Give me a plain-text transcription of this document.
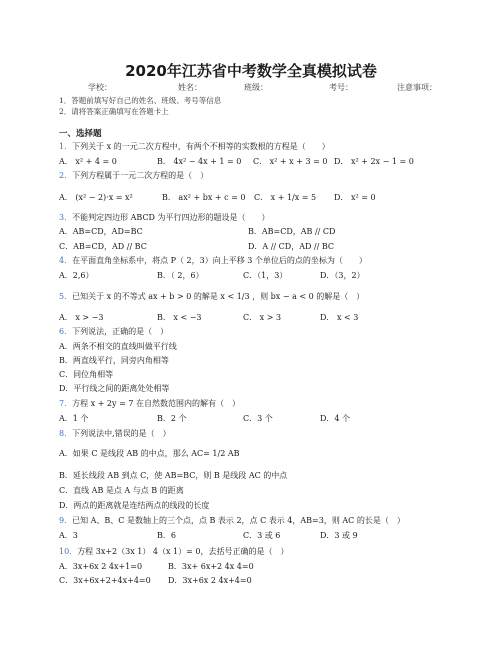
2020年江苏省中考数学全真模拟试卷
学校：	姓名：	班级：	考号：	注意事项：
1．答题前填写好自己的姓名、班级、考号等信息
2．请将答案正确填写在答题卡上
一、选择题
1．下列关于 x 的一元二次方程中，有两个不相等的实数根的方程是（　　）
A． x² + 4 = 0	B． 4x² − 4x + 1 = 0 C． x² + x + 3 = 0 D． x² + 2x − 1 = 0
2．下列方程属于一元二次方程的是（　）
A． (x² − 2)·x = x²	B． ax² + bx + c = 0 C． x + 1/x = 5 D． x² = 0
3．不能判定四边形 ABCD 为平行四边形的题设是（　　）
A．AB=CD，AD=BC	B．AB=CD，AB // CD
C．AB=CD，AD // BC	D．A // CD，AD // BC
4．在平面直角坐标系中，将点 P（ 2，3）向上平移 3 个单位后的点的坐标为（　　）
A．2,6）	B．（ 2，6）	C．（1，3）	D．（3，2）
5．已知关于 x 的不等式 ax + b > 0 的解是 x < 1/3 ，则 bx − a < 0 的解是（　）
A． x > −3	B． x < −3	C． x > 3	D． x < 3
6．下列说法，正确的是（　）
A．两条不相交的直线叫做平行线
B．两直线平行，同旁内角相等
C．同位角相等
D．平行线之间的距离处处相等
7．方程 x + 2y = 7 在自然数范围内的解有（　）
A．1 个	B．2 个	C．3 个	D．4 个
8．下列说法中,错误的是（　）
A．如果 C 是线段 AB 的中点，那么 AC= 1/2 AB
B．延长线段 AB 到点 C，使 AB=BC，则 B 是线段 AC 的中点
C．直线 AB 是点 A 与点 B 的距离
D．两点的距离就是连结两点的线段的长度
9．已知 A、B、C 是数轴上的三个点，点 B 表示 2，点 C 表示 4，AB=3，则 AC 的长是（　）
A．3	B．6	C．3 或 6	D．3 或 9
10．方程 3x+2（3x 1） 4（x 1）= 0，去括号正确的是（　）
A．3x+6x 2 4x+1=0	B．3x+ 6x+2 4x 4=0
C．3x+6x+2+4x+4=0 D．3x+6x 2 4x+4=0
